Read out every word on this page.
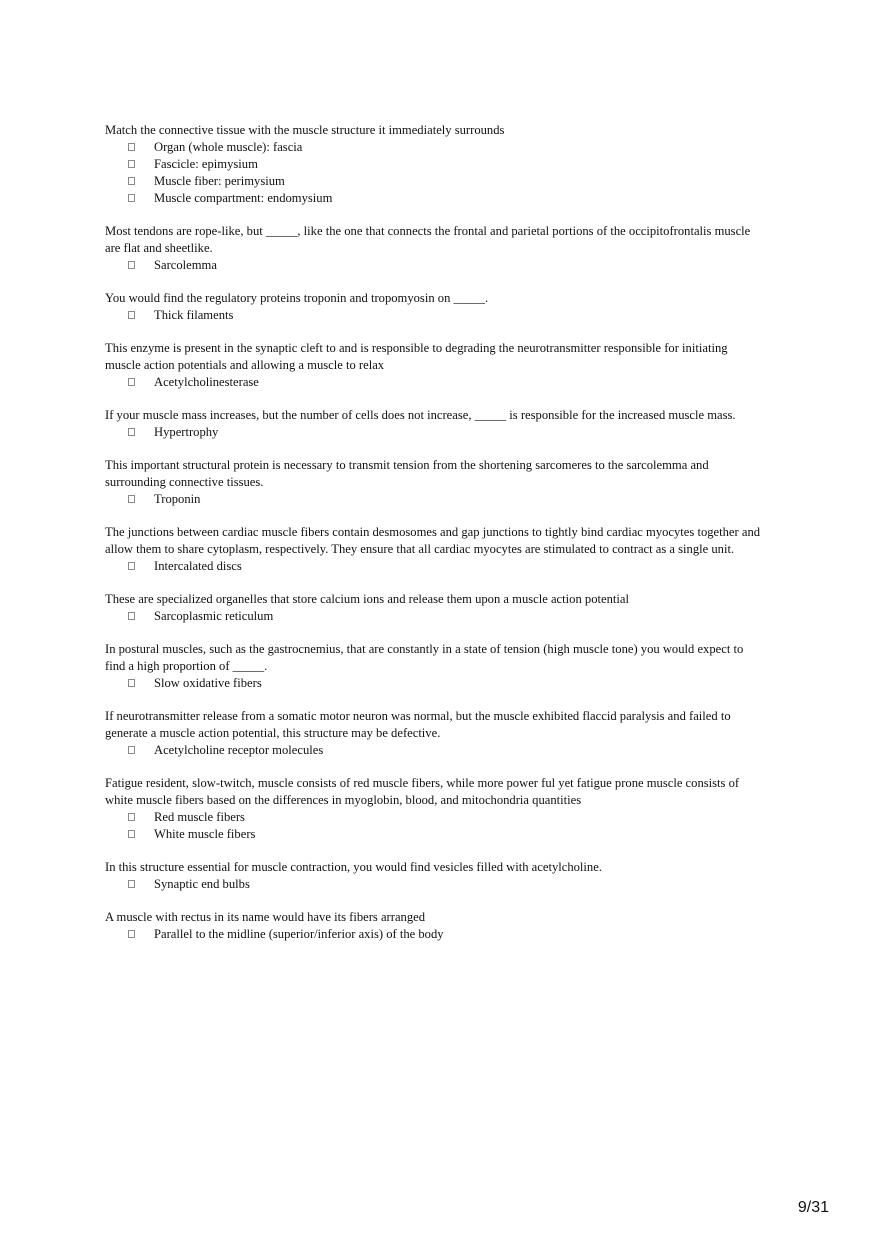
Match the connective tissue with the muscle structure it immediately surrounds

Organ (whole muscle): fascia
Fascicle: epimysium
Muscle fiber: perimysium
Muscle compartment: endomysium

Most tendons are rope-like, but _____, like the one that connects the frontal and parietal portions of the occipitofrontalis muscle are flat and sheetlike.

Sarcolemma

You would find the regulatory proteins troponin and tropomyosin on _____.

Thick filaments

This enzyme is present in the synaptic cleft to and is responsible to degrading the neurotransmitter responsible for initiating muscle action potentials and allowing a muscle to relax

Acetylcholinesterase

If your muscle mass increases, but the number of cells does not increase, _____ is responsible for the increased muscle mass.

Hypertrophy

This important structural protein is necessary to transmit tension from the shortening sarcomeres to the sarcolemma and surrounding connective tissues.

Troponin

The junctions between cardiac muscle fibers contain desmosomes and gap junctions to tightly bind cardiac myocytes together and allow them to share cytoplasm, respectively. They ensure that all cardiac myocytes are stimulated to contract as a single unit.

Intercalated discs

These are specialized organelles that store calcium ions and release them upon a muscle action potential

Sarcoplasmic reticulum

In postural muscles, such as the gastrocnemius, that are constantly in a state of tension (high muscle tone) you would expect to find a high proportion of _____.

Slow oxidative fibers

If neurotransmitter release from a somatic motor neuron was normal, but the muscle exhibited flaccid paralysis and failed to generate a muscle action potential, this structure may be defective.

Acetylcholine receptor molecules

Fatigue resident, slow-twitch, muscle consists of red muscle fibers, while more power ful yet fatigue prone muscle consists of white muscle fibers based on the differences in myoglobin, blood, and mitochondria quantities

Red muscle fibers
White muscle fibers

In this structure essential for muscle contraction, you would find vesicles filled with acetylcholine.

Synaptic end bulbs

A muscle with rectus in its name would have its fibers arranged

Parallel to the midline (superior/inferior axis) of the body
9/31
